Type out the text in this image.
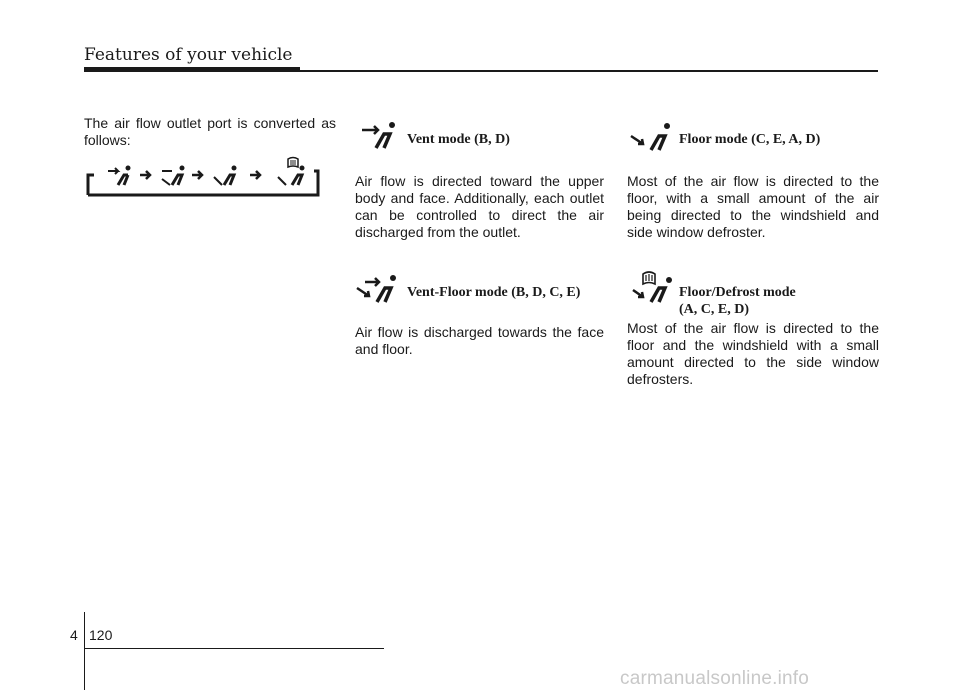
Features of your vehicle

The air flow outlet port is converted as follows:	Vent mode (B, D)

Air flow is directed toward the upper body and face. Additionally, each outlet can be controlled to direct the air discharged from the outlet.

Vent-Floor mode (B, D, C, E)

Air flow is discharged towards the face and floor.

Floor mode (C, E, A, D)

Most of the air flow is directed to the floor, with a small amount of the air being directed to the windshield and side window defroster.

Floor/Defrost mode
(A, C, E, D)

Most of the air flow is directed to the floor and the windshield with a small amount directed to the side window defrosters.

4 120
carmanualsonline.info
